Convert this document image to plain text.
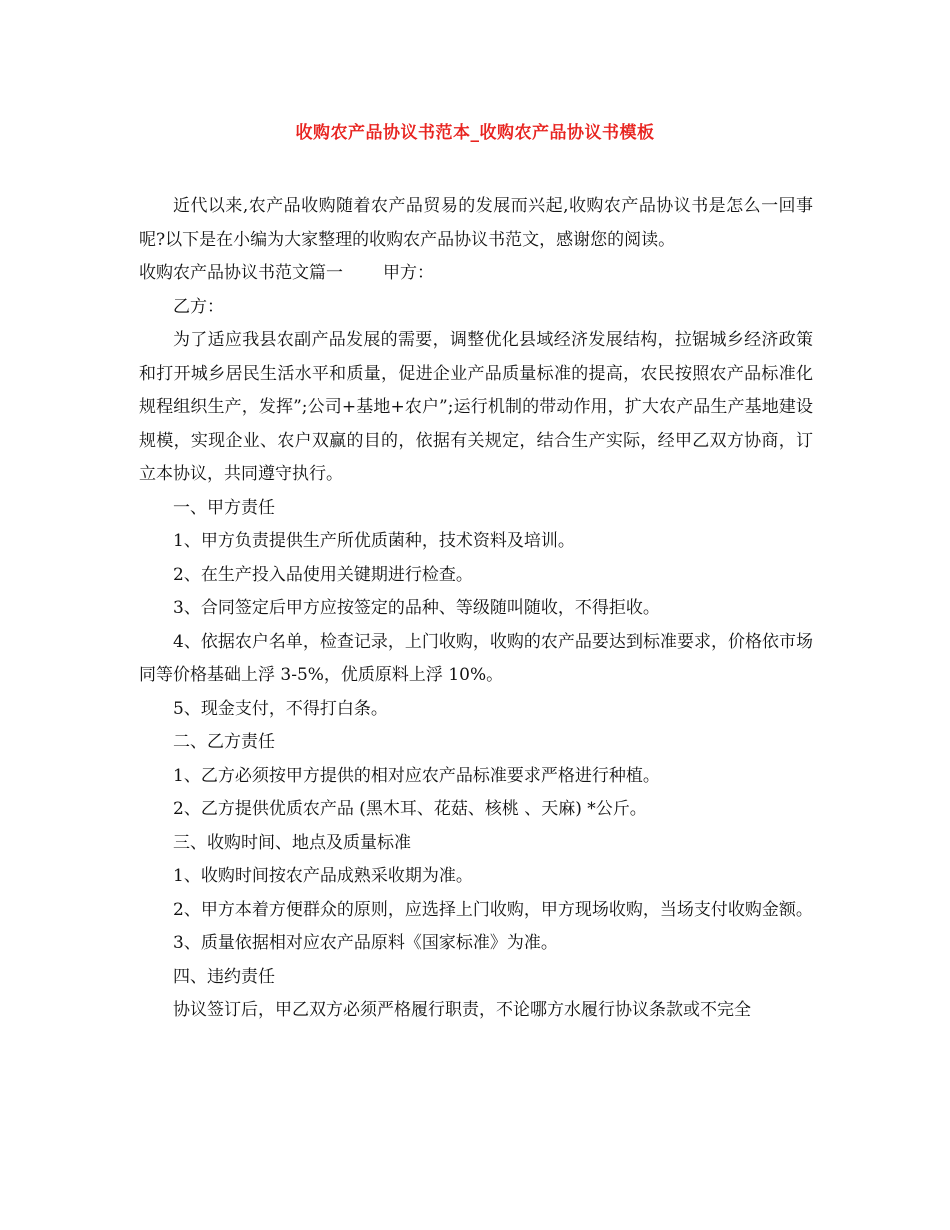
收购农产品协议书范本_收购农产品协议书模板

近代以来,农产品收购随着农产品贸易的发展而兴起,收购农产品协议书是怎么一回事呢?以下是在小编为大家整理的收购农产品协议书范文，感谢您的阅读。

收购农产品协议书范文篇一 甲方：

乙方：

为了适应我县农副产品发展的需要，调整优化县域经济发展结构，拉锯城乡经济政策和打开城乡居民生活水平和质量，促进企业产品质量标准的提高，农民按照农产品标准化规程组织生产，发挥”;公司+基地+农户”;运行机制的带动作用，扩大农产品生产基地建设规模，实现企业、农户双赢的目的，依据有关规定，结合生产实际，经甲乙双方协商，订立本协议，共同遵守执行。

一、甲方责任

1、甲方负责提供生产所优质菌种，技术资料及培训。

2、在生产投入品使用关键期进行检查。

3、合同签定后甲方应按签定的品种、等级随叫随收，不得拒收。

4、依据农户名单，检查记录，上门收购，收购的农产品要达到标准要求，价格依市场同等价格基础上浮 3-5%，优质原料上浮 10%。

5、现金支付，不得打白条。

二、乙方责任

1、乙方必须按甲方提供的相对应农产品标准要求严格进行种植。

2、乙方提供优质农产品 (黑木耳、花菇、核桃 、天麻) *公斤。

三、收购时间、地点及质量标准

1、收购时间按农产品成熟采收期为准。

2、甲方本着方便群众的原则，应选择上门收购，甲方现场收购，当场支付收购金额。

3、质量依据相对应农产品原料《国家标准》为准。

四、违约责任

协议签订后，甲乙双方必须严格履行职责，不论哪方水履行协议条款或不完全
